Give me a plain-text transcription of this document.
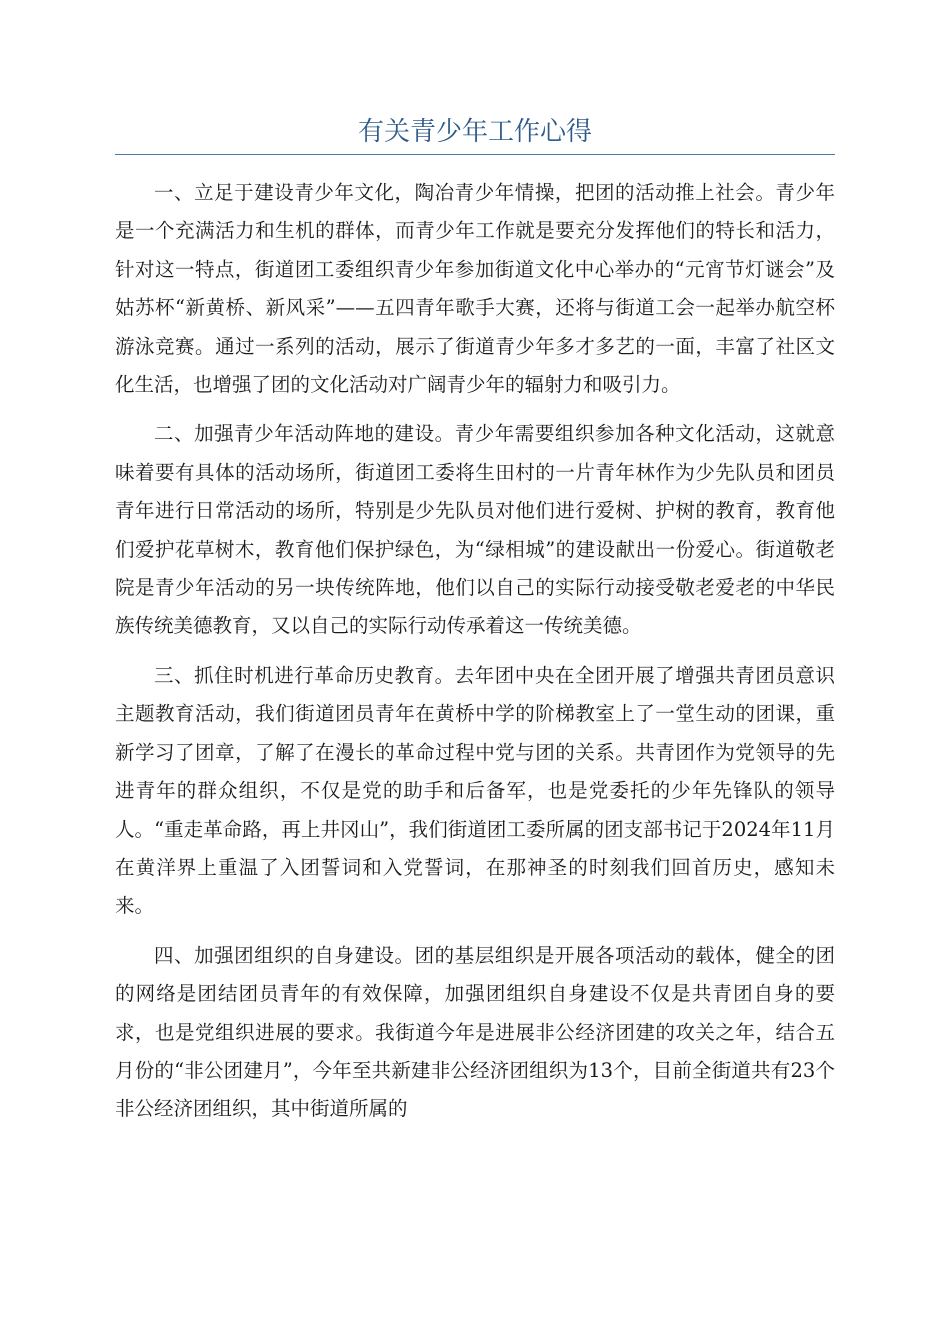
有关青少年工作心得

一、立足于建设青少年文化，陶冶青少年情操，把团的活动推上社会。青少年是一个充满活力和生机的群体，而青少年工作就是要充分发挥他们的特长和活力，针对这一特点，街道团工委组织青少年参加街道文化中心举办的“元宵节灯谜会”及姑苏杯“新黄桥、新风采”——五四青年歌手大赛，还将与街道工会一起举办航空杯游泳竞赛。通过一系列的活动，展示了街道青少年多才多艺的一面，丰富了社区文化生活，也增强了团的文化活动对广阔青少年的辐射力和吸引力。

二、加强青少年活动阵地的建设。青少年需要组织参加各种文化活动，这就意味着要有具体的活动场所，街道团工委将生田村的一片青年林作为少先队员和团员青年进行日常活动的场所，特别是少先队员对他们进行爱树、护树的教育，教育他们爱护花草树木，教育他们保护绿色，为“绿相城”的建设献出一份爱心。街道敬老院是青少年活动的另一块传统阵地，他们以自己的实际行动接受敬老爱老的中华民族传统美德教育，又以自己的实际行动传承着这一传统美德。

三、抓住时机进行革命历史教育。去年团中央在全团开展了增强共青团员意识主题教育活动，我们街道团员青年在黄桥中学的阶梯教室上了一堂生动的团课，重新学习了团章，了解了在漫长的革命过程中党与团的关系。共青团作为党领导的先进青年的群众组织，不仅是党的助手和后备军，也是党委托的少年先锋队的领导人。“重走革命路，再上井冈山”，我们街道团工委所属的团支部书记于2024年11月在黄洋界上重温了入团誓词和入党誓词，在那神圣的时刻我们回首历史，感知未来。

四、加强团组织的自身建设。团的基层组织是开展各项活动的载体，健全的团的网络是团结团员青年的有效保障，加强团组织自身建设不仅是共青团自身的要求，也是党组织进展的要求。我街道今年是进展非公经济团建的攻关之年，结合五月份的“非公团建月”，今年至共新建非公经济团组织为13个，目前全街道共有23个非公经济团组织，其中街道所属的
